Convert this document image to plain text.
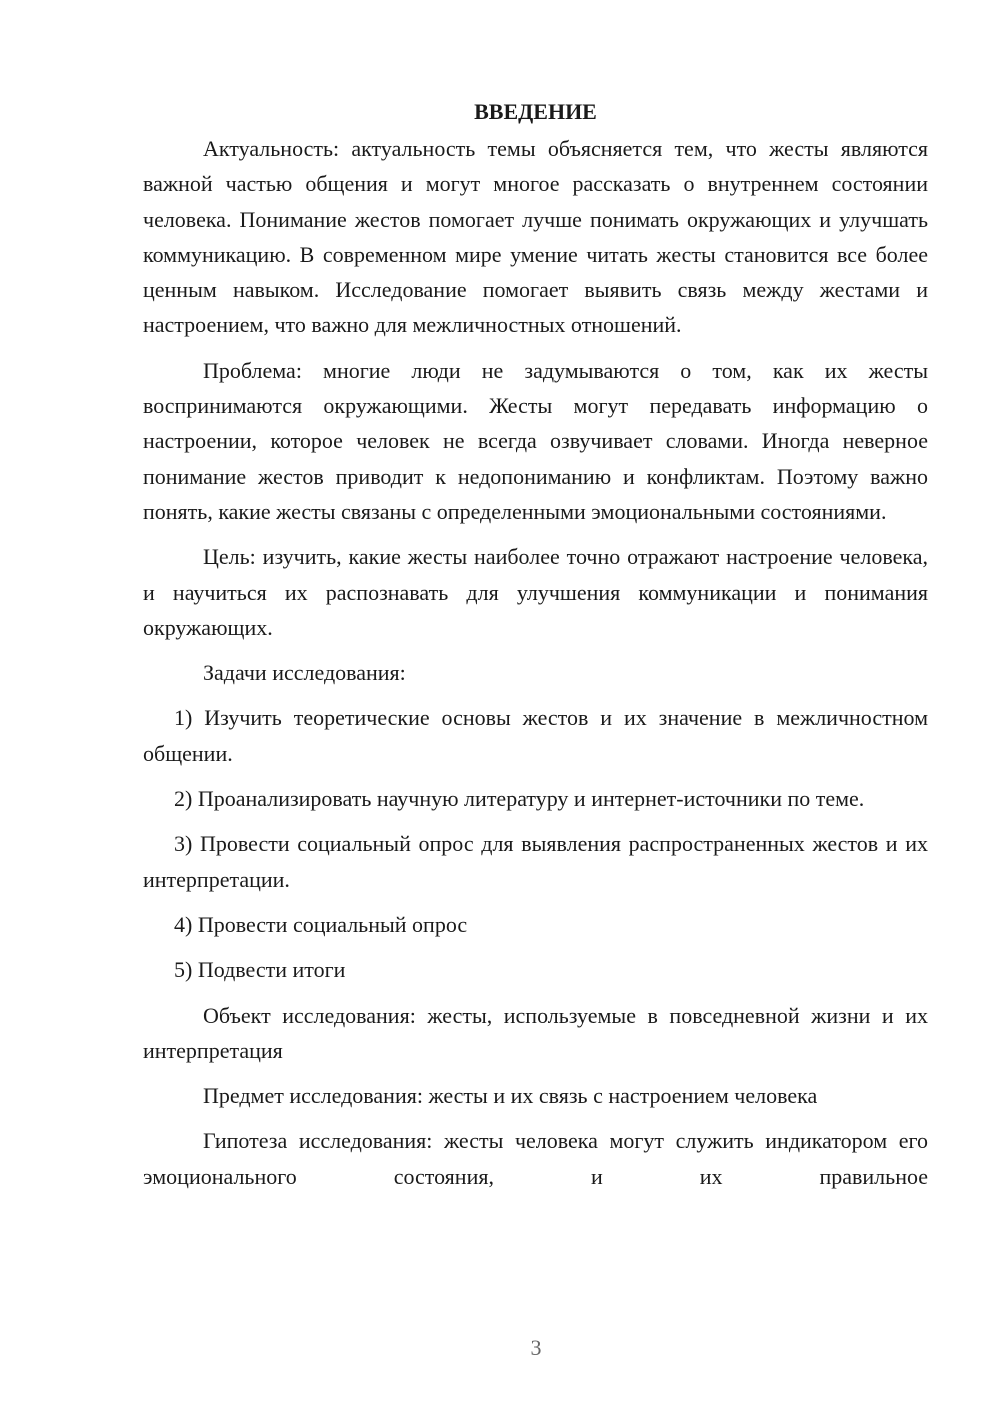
ВВЕДЕНИЕ

Актуальность: актуальность темы объясняется тем, что жесты являются важной частью общения и могут многое рассказать о внутреннем состоянии человека. Понимание жестов помогает лучше понимать окружающих и улучшать коммуникацию. В современном мире умение читать жесты становится все более ценным навыком. Исследование помогает выявить связь между жестами и настроением, что важно для межличностных отношений.

Проблема: многие люди не задумываются о том, как их жесты воспринимаются окружающими. Жесты могут передавать информацию о настроении, которое человек не всегда озвучивает словами. Иногда неверное понимание жестов приводит к недопониманию и конфликтам. Поэтому важно понять, какие жесты связаны с определенными эмоциональными состояниями.

Цель: изучить, какие жесты наиболее точно отражают настроение человека, и научиться их распознавать для улучшения коммуникации и понимания окружающих.

Задачи исследования:

1) Изучить теоретические основы жестов и их значение в межличностном общении.

2) Проанализировать научную литературу и интернет-источники по теме.

3) Провести социальный опрос для выявления распространенных жестов и их интерпретации.

4) Провести социальный опрос

5) Подвести итоги

Объект исследования: жесты, используемые в повседневной жизни и их интерпретация

Предмет исследования: жесты и их связь с настроением человека

Гипотеза исследования: жесты человека могут служить индикатором его эмоционального состояния, и их правильное

3
